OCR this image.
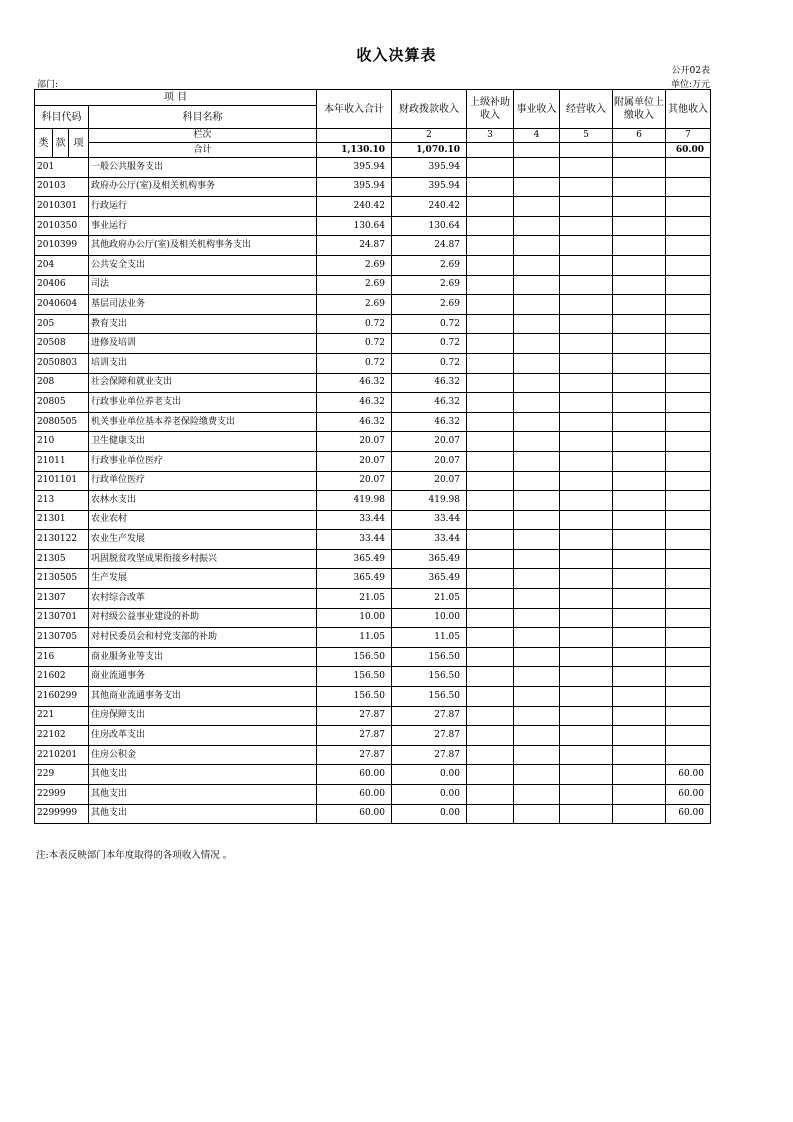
收入决算表
公开02表
部门:	单位:万元
项 目				本年收入合计	财政拨款收入	上级补助收入	事业收入	经营收入	附属单位上缴收入	其他收入
科目代码			科目名称							
类	款	项	栏次		2	3	4	5	6	7
			合计	1,130.10	1,070.10					60.00
201			一般公共服务支出	395.94	395.94					
20103			政府办公厅(室)及相关机构事务	395.94	395.94					
2010301			行政运行	240.42	240.42					
2010350			事业运行	130.64	130.64					
2010399			其他政府办公厅(室)及相关机构事务支出	24.87	24.87					
204			公共安全支出	2.69	2.69					
20406			司法	2.69	2.69					
2040604			基层司法业务	2.69	2.69					
205			教育支出	0.72	0.72					
20508			进修及培训	0.72	0.72					
2050803			培训支出	0.72	0.72					
208			社会保障和就业支出	46.32	46.32					
20805			行政事业单位养老支出	46.32	46.32					
2080505			机关事业单位基本养老保险缴费支出	46.32	46.32					
210			卫生健康支出	20.07	20.07					
21011			行政事业单位医疗	20.07	20.07					
2101101			行政单位医疗	20.07	20.07					
213			农林水支出	419.98	419.98					
21301			农业农村	33.44	33.44					
2130122			农业生产发展	33.44	33.44					
21305			巩固脱贫攻坚成果衔接乡村振兴	365.49	365.49					
2130505			生产发展	365.49	365.49					
21307			农村综合改革	21.05	21.05					
2130701			对村级公益事业建设的补助	10.00	10.00					
2130705			对村民委员会和村党支部的补助	11.05	11.05					
216			商业服务业等支出	156.50	156.50					
21602			商业流通事务	156.50	156.50					
2160299			其他商业流通事务支出	156.50	156.50					
221			住房保障支出	27.87	27.87					
22102			住房改革支出	27.87	27.87					
2210201			住房公积金	27.87	27.87					
229			其他支出	60.00	0.00					60.00
22999			其他支出	60.00	0.00					60.00
2299999			其他支出	60.00	0.00					60.00
注:本表反映部门本年度取得的各项收入情况 。
